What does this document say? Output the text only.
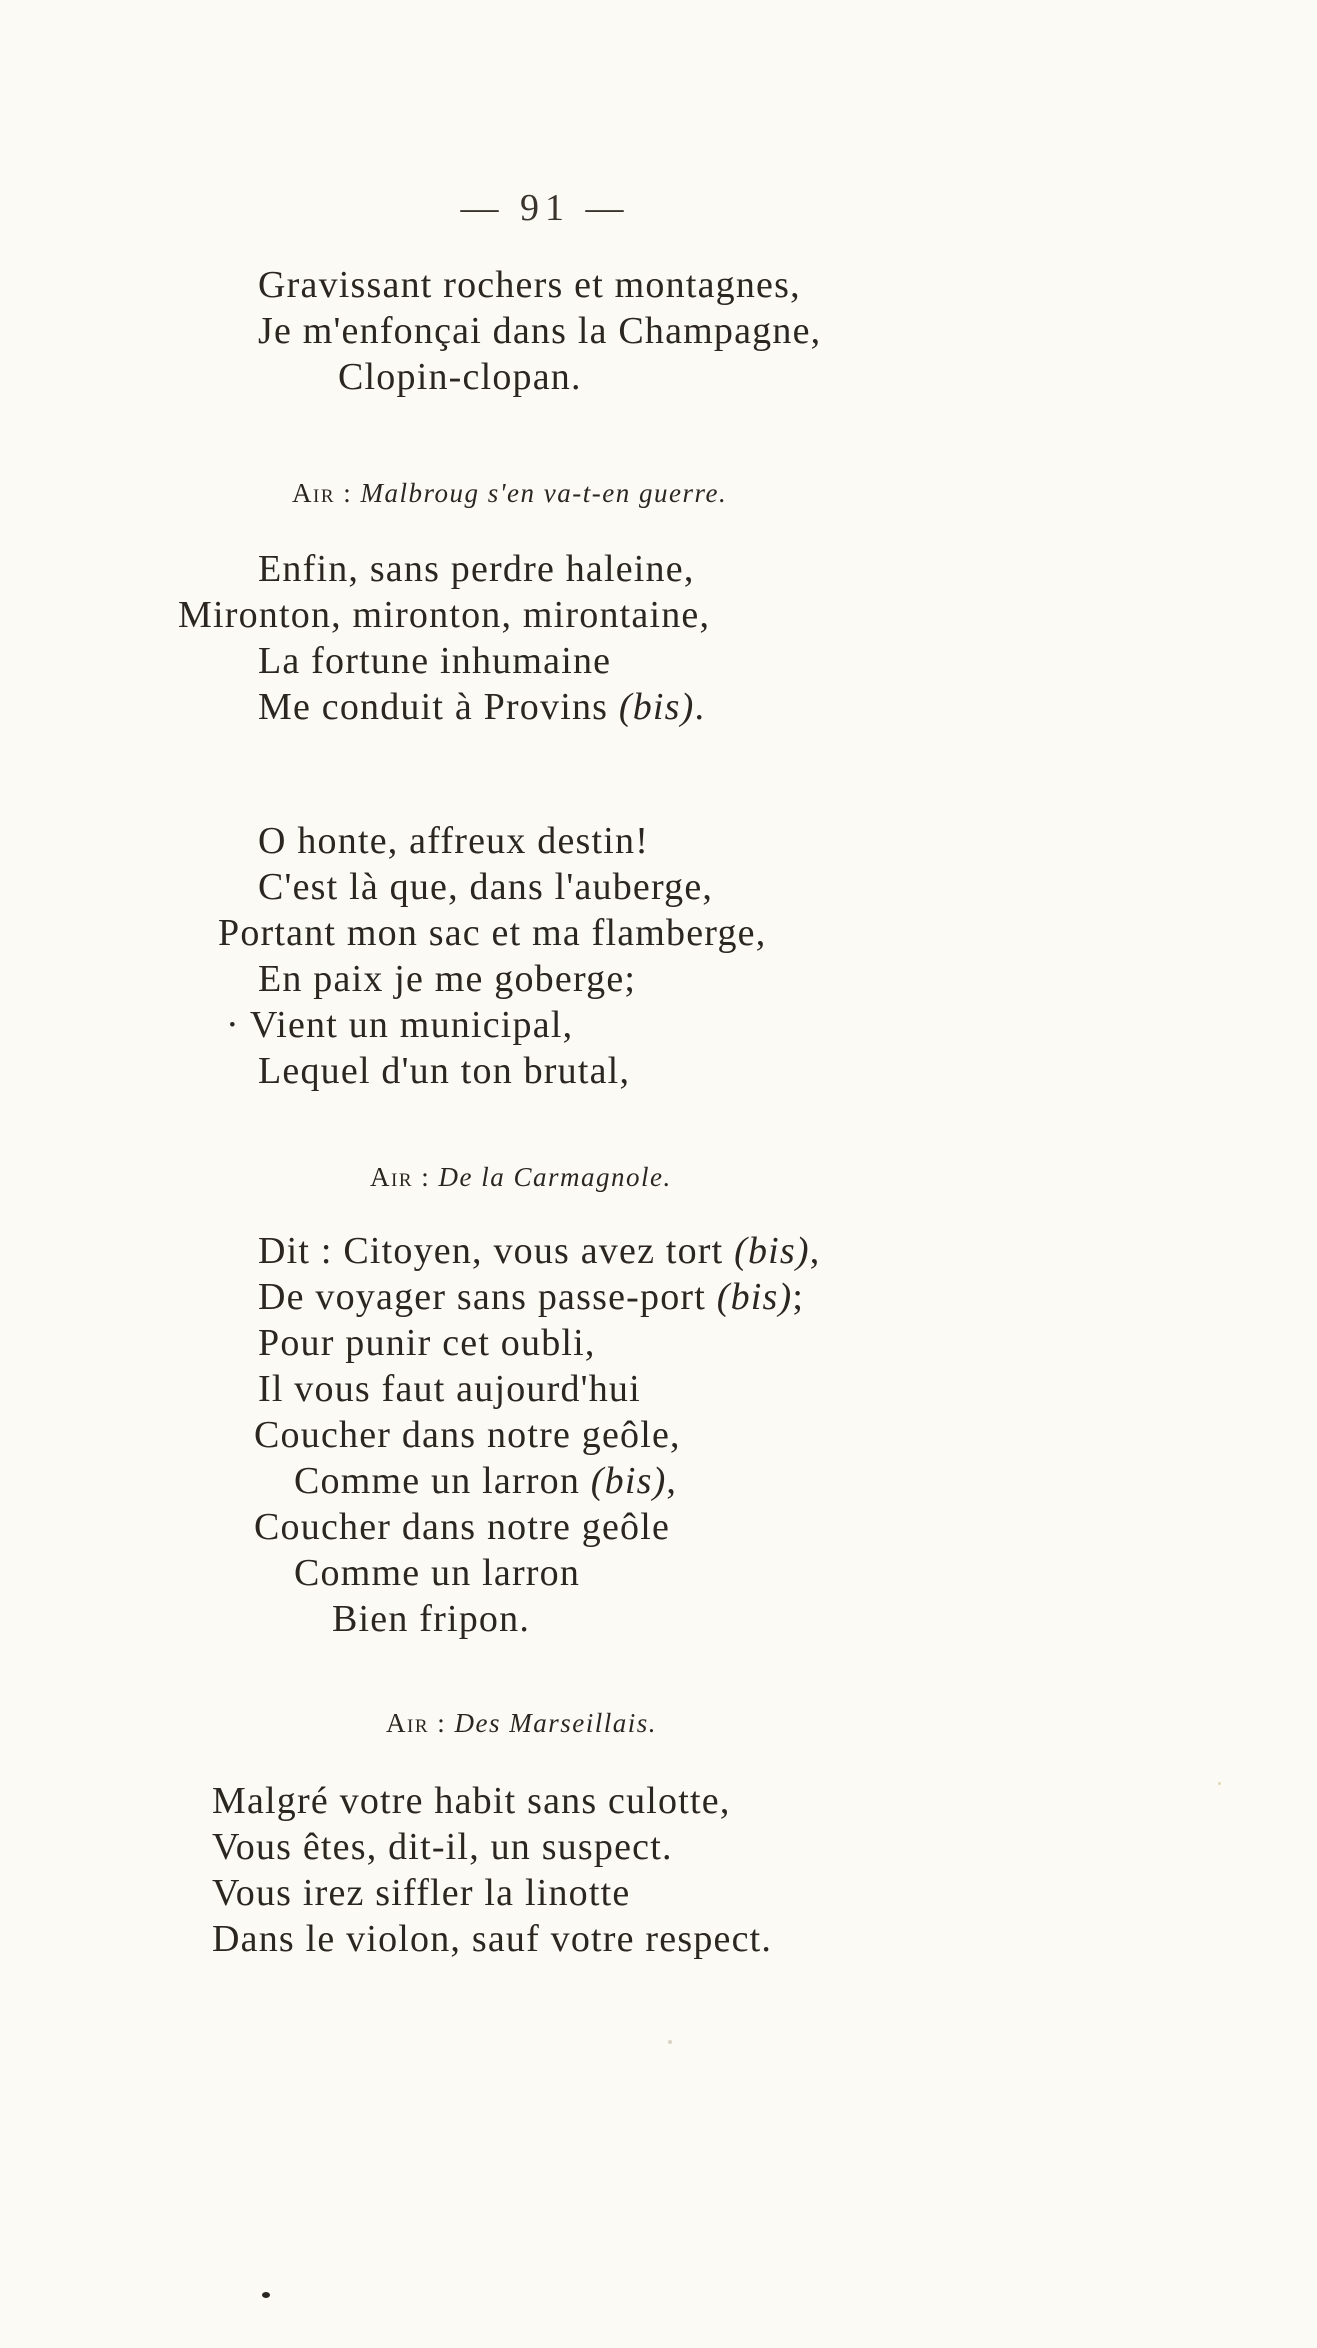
— 91 —
Gravissant rochers et montagnes,
Je m'enfonçai dans la Champagne,
Clopin-clopan.
Air : Malbroug s'en va-t-en guerre.
Enfin, sans perdre haleine,
Mironton, mironton, mirontaine,
La fortune inhumaine
Me conduit à Provins (bis).
O honte, affreux destin!
C'est là que, dans l'auberge,
Portant mon sac et ma flamberge,
En paix je me goberge;
· Vient un municipal,
Lequel d'un ton brutal,
Air : De la Carmagnole.
Dit : Citoyen, vous avez tort (bis),
De voyager sans passe-port (bis);
Pour punir cet oubli,
Il vous faut aujourd'hui
Coucher dans notre geôle,
Comme un larron (bis),
Coucher dans notre geôle
Comme un larron
Bien fripon.
Air : Des Marseillais.
Malgré votre habit sans culotte,
Vous êtes, dit-il, un suspect.
Vous irez siffler la linotte
Dans le violon, sauf votre respect.
